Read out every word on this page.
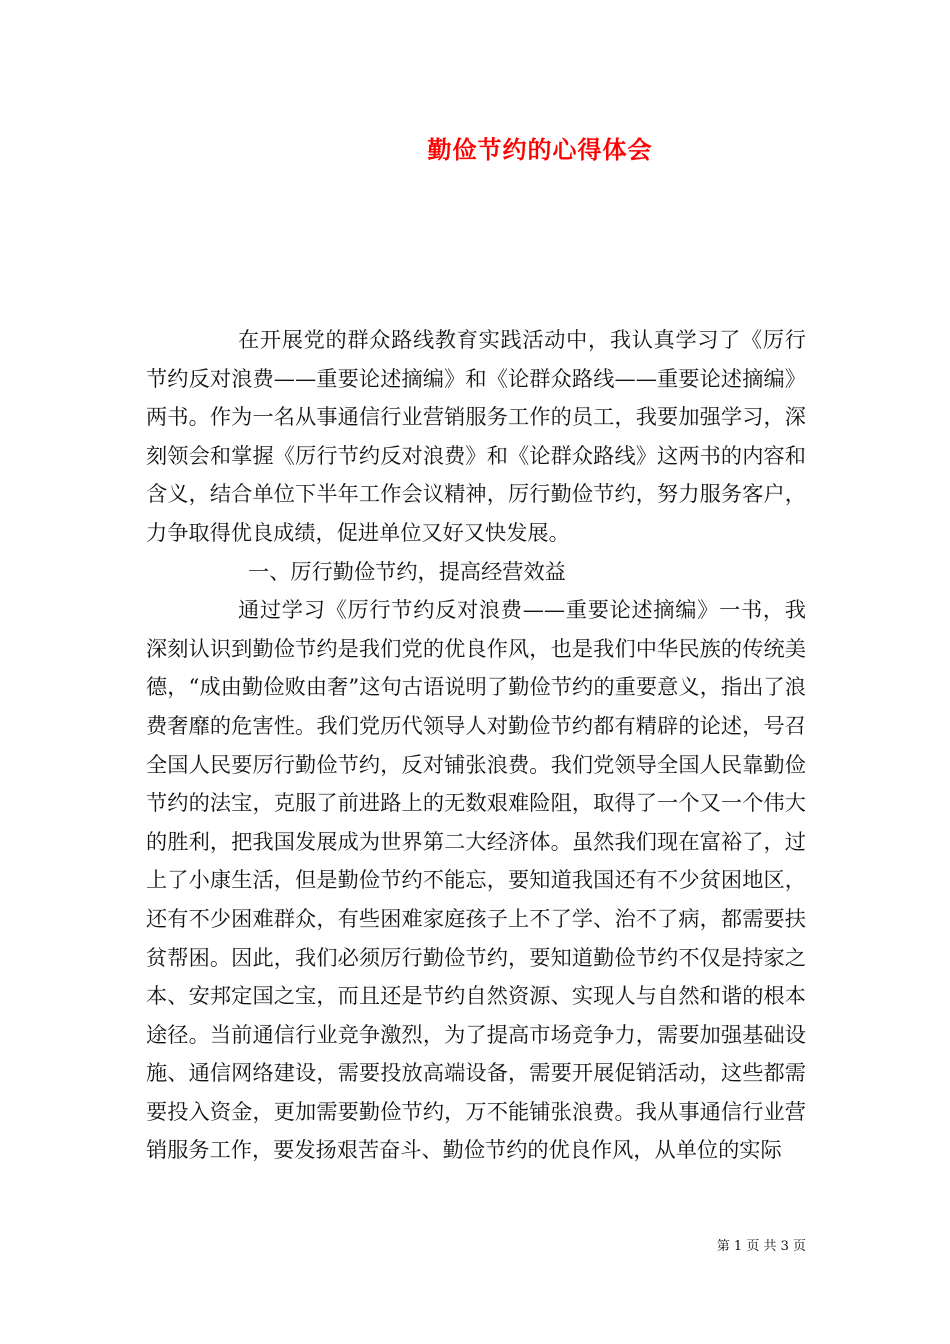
勤俭节约的心得体会

在开展党的群众路线教育实践活动中，我认真学习了《厉行节约反对浪费——重要论述摘编》和《论群众路线——重要论述摘编》两书。作为一名从事通信行业营销服务工作的员工，我要加强学习，深刻领会和掌握《厉行节约反对浪费》和《论群众路线》这两书的内容和含义，结合单位下半年工作会议精神，厉行勤俭节约，努力服务客户，力争取得优良成绩，促进单位又好又快发展。

一、厉行勤俭节约，提高经营效益

通过学习《厉行节约反对浪费——重要论述摘编》一书，我深刻认识到勤俭节约是我们党的优良作风，也是我们中华民族的传统美德，“成由勤俭败由奢”这句古语说明了勤俭节约的重要意义，指出了浪费奢靡的危害性。我们党历代领导人对勤俭节约都有精辟的论述，号召全国人民要厉行勤俭节约，反对铺张浪费。我们党领导全国人民靠勤俭节约的法宝，克服了前进路上的无数艰难险阻，取得了一个又一个伟大的胜利，把我国发展成为世界第二大经济体。虽然我们现在富裕了，过上了小康生活，但是勤俭节约不能忘，要知道我国还有不少贫困地区，还有不少困难群众，有些困难家庭孩子上不了学、治不了病，都需要扶贫帮困。因此，我们必须厉行勤俭节约，要知道勤俭节约不仅是持家之本、安邦定国之宝，而且还是节约自然资源、实现人与自然和谐的根本途径。当前通信行业竞争激烈，为了提高市场竞争力，需要加强基础设施、通信网络建设，需要投放高端设备，需要开展促销活动，这些都需要投入资金，更加需要勤俭节约，万不能铺张浪费。我从事通信行业营销服务工作，要发扬艰苦奋斗、勤俭节约的优良作风，从单位的实际

第 1 页 共 3 页
